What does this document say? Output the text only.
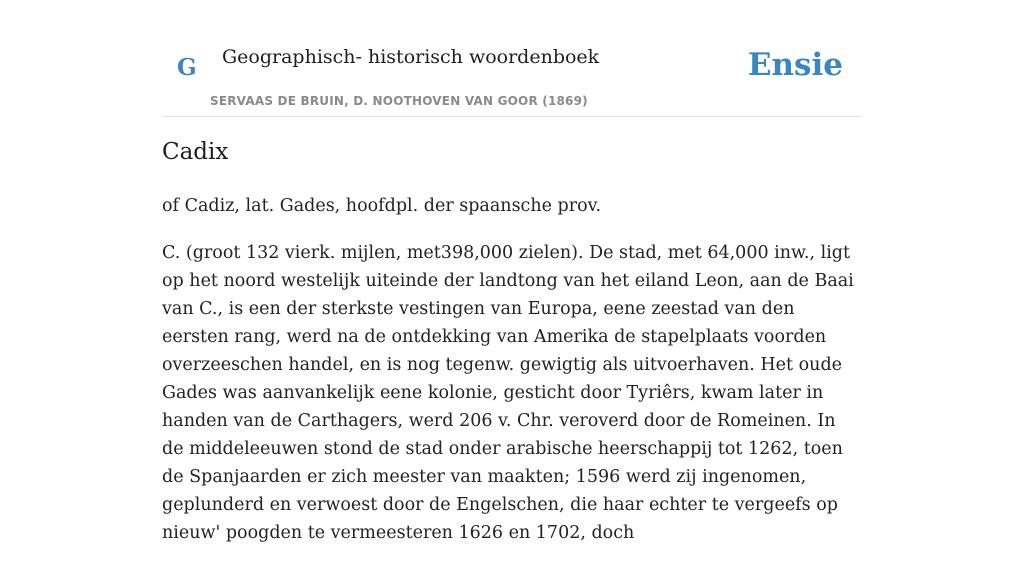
G Geographisch- historisch woordenboek
SERVAAS DE BRUIN, D. NOOTHOVEN VAN GOOR (1869)
Ensie
Cadix

of Cadiz, lat. Gades, hoofdpl. der spaansche prov.

C. (groot 132 vierk. mijlen, met398,000 zielen). De stad, met 64,000 inw., ligt op het noord westelijk uiteinde der landtong van het eiland Leon, aan de Baai van C., is een der sterkste vestingen van Europa, eene zeestad van den eersten rang, werd na de ontdekking van Amerika de stapelplaats voorden overzeeschen handel, en is nog tegenw. gewigtig als uitvoerhaven. Het oude Gades was aanvankelijk eene kolonie, gesticht door Tyriêrs, kwam later in handen van de Carthagers, werd 206 v. Chr. veroverd door de Romeinen. In de middeleeuwen stond de stad onder arabische heerschappij tot 1262, toen de Spanjaarden er zich meester van maakten; 1596 werd zij ingenomen, geplunderd en verwoest door de Engelschen, die haar echter te vergeefs op nieuw' poogden te vermeesteren 1626 en 1702, doch
